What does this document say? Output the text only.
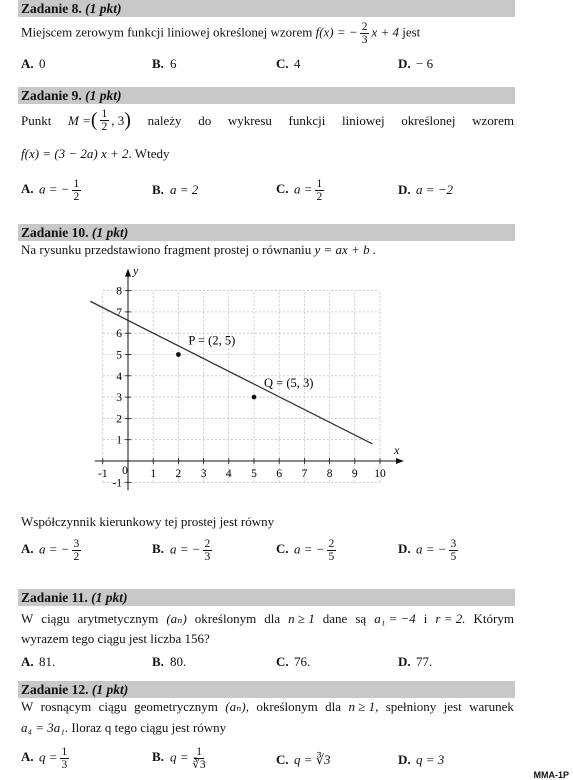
Zadanie 8. (1 pkt)
Miejscem zerowym funkcji liniowej określonej wzorem f(x) = − $\frac{2}{3}$ x + 4 jest
A. 0	B. 6	C. 4	D. − 6
Zadanie 9. (1 pkt)
Punkt M = ( $\frac{1}{2}$ , 3 ) należy do wykresu funkcji liniowej określonej wzorem
f(x) = (3 − 2a) x + 2. Wtedy
A. a = − $\frac{1}{2}$	B. a = 2	C. $a = \frac{1}{2}$	D. a = −2
Zadanie 10. (1 pkt)
Na rysunku przedstawiono fragment prostej o równaniu y = ax + b .
x
y
-1 0 1 2 3 4 5 6 7 8 9 10
-1
1
2
3
4
5
6
7
8
P = (2, 5)
Q = (5, 3)
Współczynnik kierunkowy tej prostej jest równy
A. a = − $\frac{3}{2}$	B. a = − $\frac{2}{3}$	C. a = − $\frac{2}{5}$	D. a = − $\frac{3}{5}$
Zadanie 11. (1 pkt)
W ciągu arytmetycznym (aₙ) określonym dla n ≥ 1 dane są a₁ = −4 i r = 2. Którym
wyrazem tego ciągu jest liczba 156?
A. 81.	B. 80.	C. 76.	D. 77.
Zadanie 12. (1 pkt)
W rosnącym ciągu geometrycznym (aₙ), określonym dla n ≥ 1, spełniony jest warunek
a₄ = 3a₁. Iloraz q tego ciągu jest równy
A. $q = \frac{1}{3}$	B. $q = \frac{1}{∛3}$	C. q = ∛3	D. q = 3
MMA-1P
